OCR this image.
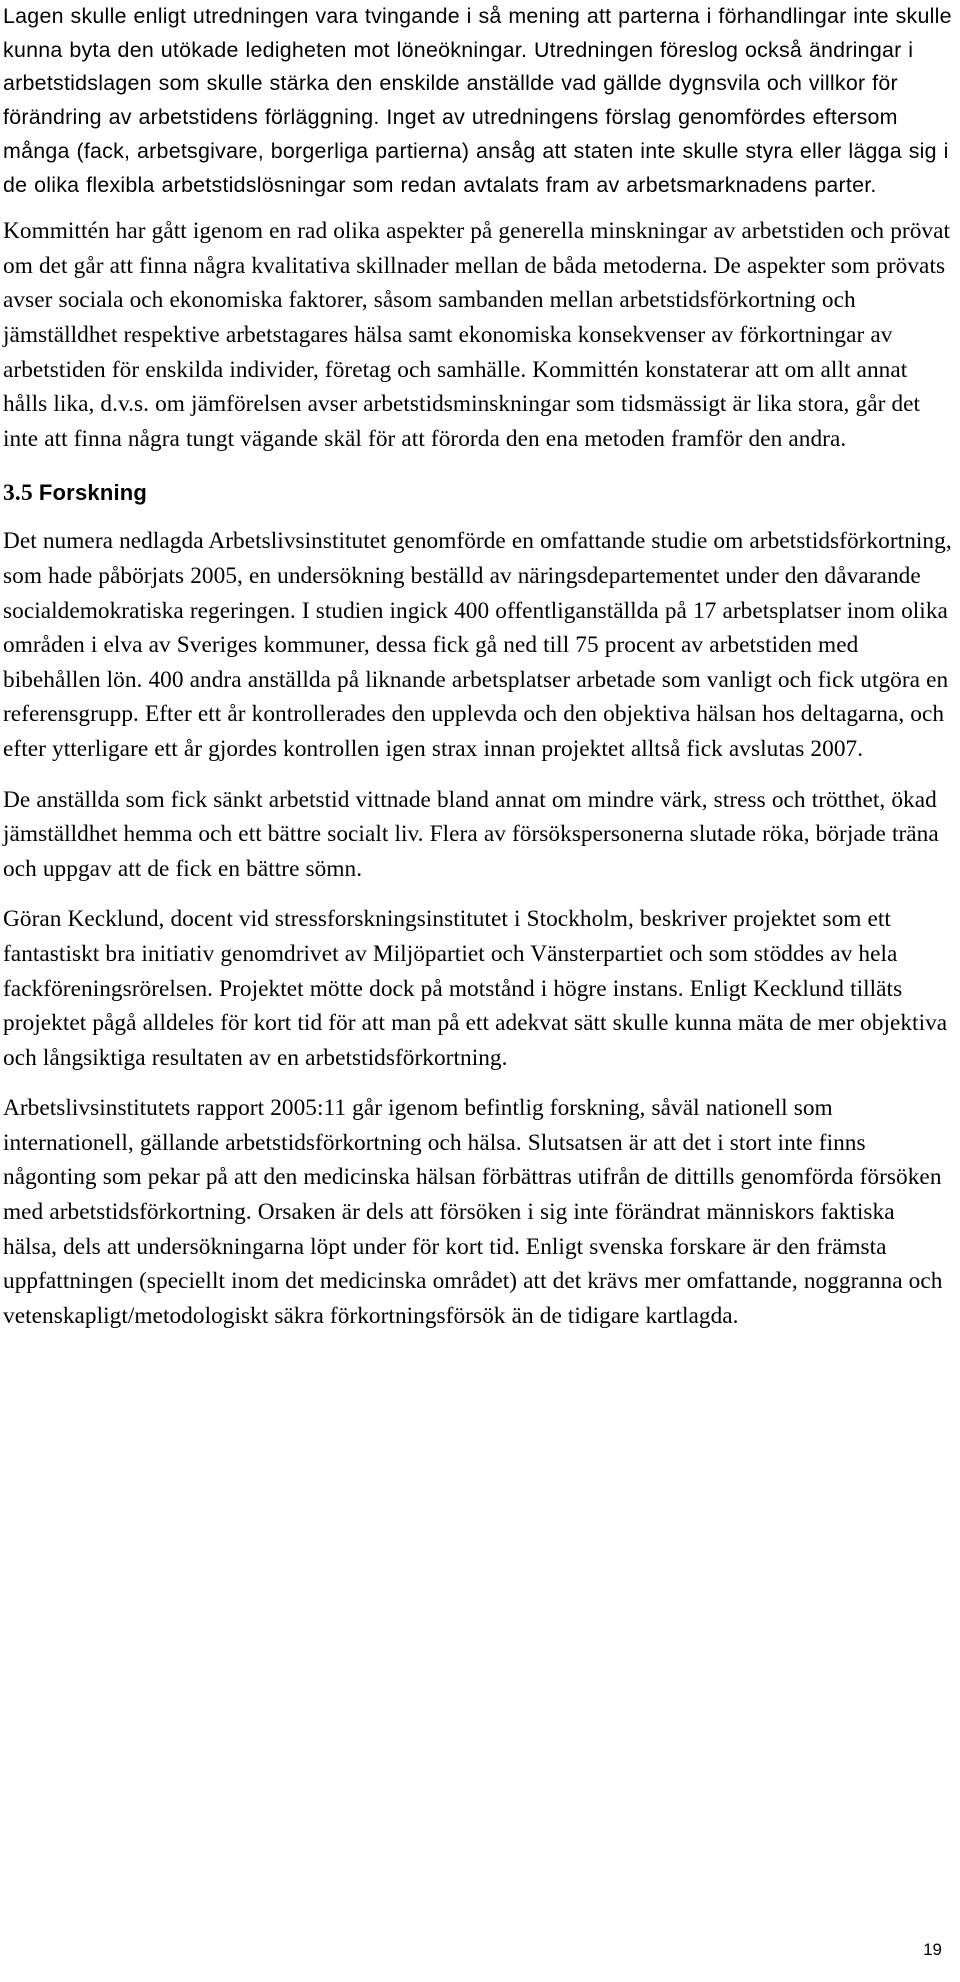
Lagen skulle enligt utredningen vara tvingande i så mening att parterna i förhandlingar inte skulle kunna byta den utökade ledigheten mot löneökningar. Utredningen föreslog också ändringar i arbetstidslagen som skulle stärka den enskilde anställde vad gällde dygnsvila och villkor för förändring av arbetstidens förläggning. Inget av utredningens förslag genomfördes eftersom många (fack, arbetsgivare, borgerliga partierna) ansåg att staten inte skulle styra eller lägga sig i de olika flexibla arbetstidslösningar som redan avtalats fram av arbetsmarknadens parter.

Kommittén har gått igenom en rad olika aspekter på generella minskningar av arbetstiden och prövat om det går att finna några kvalitativa skillnader mellan de båda metoderna. De aspekter som prövats avser sociala och ekonomiska faktorer, såsom sambanden mellan arbetstidsförkortning och jämställdhet respektive arbetstagares hälsa samt ekonomiska konsekvenser av förkortningar av arbetstiden för enskilda individer, företag och samhälle. Kommittén konstaterar att om allt annat hålls lika, d.v.s. om jämförelsen avser arbetstidsminskningar som tidsmässigt är lika stora, går det inte att finna några tungt vägande skäl för att förorda den ena metoden framför den andra.

3.5 Forskning

Det numera nedlagda Arbetslivsinstitutet genomförde en omfattande studie om arbetstidsförkortning, som hade påbörjats 2005, en undersökning beställd av näringsdepartementet under den dåvarande socialdemokratiska regeringen. I studien ingick 400 offentliganställda på 17 arbetsplatser inom olika områden i elva av Sveriges kommuner, dessa fick gå ned till 75 procent av arbetstiden med bibehållen lön. 400 andra anställda på liknande arbetsplatser arbetade som vanligt och fick utgöra en referensgrupp. Efter ett år kontrollerades den upplevda och den objektiva hälsan hos deltagarna, och efter ytterligare ett år gjordes kontrollen igen strax innan projektet alltså fick avslutas 2007.

De anställda som fick sänkt arbetstid vittnade bland annat om mindre värk, stress och trötthet, ökad jämställdhet hemma och ett bättre socialt liv. Flera av försökspersonerna slutade röka, började träna och uppgav att de fick en bättre sömn.

Göran Kecklund, docent vid stressforskningsinstitutet i Stockholm, beskriver projektet som ett fantastiskt bra initiativ genomdrivet av Miljöpartiet och Vänsterpartiet och som stöddes av hela fackföreningsrörelsen. Projektet mötte dock på motstånd i högre instans. Enligt Kecklund tilläts projektet pågå alldeles för kort tid för att man på ett adekvat sätt skulle kunna mäta de mer objektiva och långsiktiga resultaten av en arbetstidsförkortning.

Arbetslivsinstitutets rapport 2005:11 går igenom befintlig forskning, såväl nationell som internationell, gällande arbetstidsförkortning och hälsa. Slutsatsen är att det i stort inte finns någonting som pekar på att den medicinska hälsan förbättras utifrån de dittills genomförda försöken med arbetstidsförkortning. Orsaken är dels att försöken i sig inte förändrat människors faktiska hälsa, dels att undersökningarna löpt under för kort tid. Enligt svenska forskare är den främsta uppfattningen (speciellt inom det medicinska området) att det krävs mer omfattande, noggranna och vetenskapligt/metodologiskt säkra förkortningsförsök än de tidigare kartlagda.

19
